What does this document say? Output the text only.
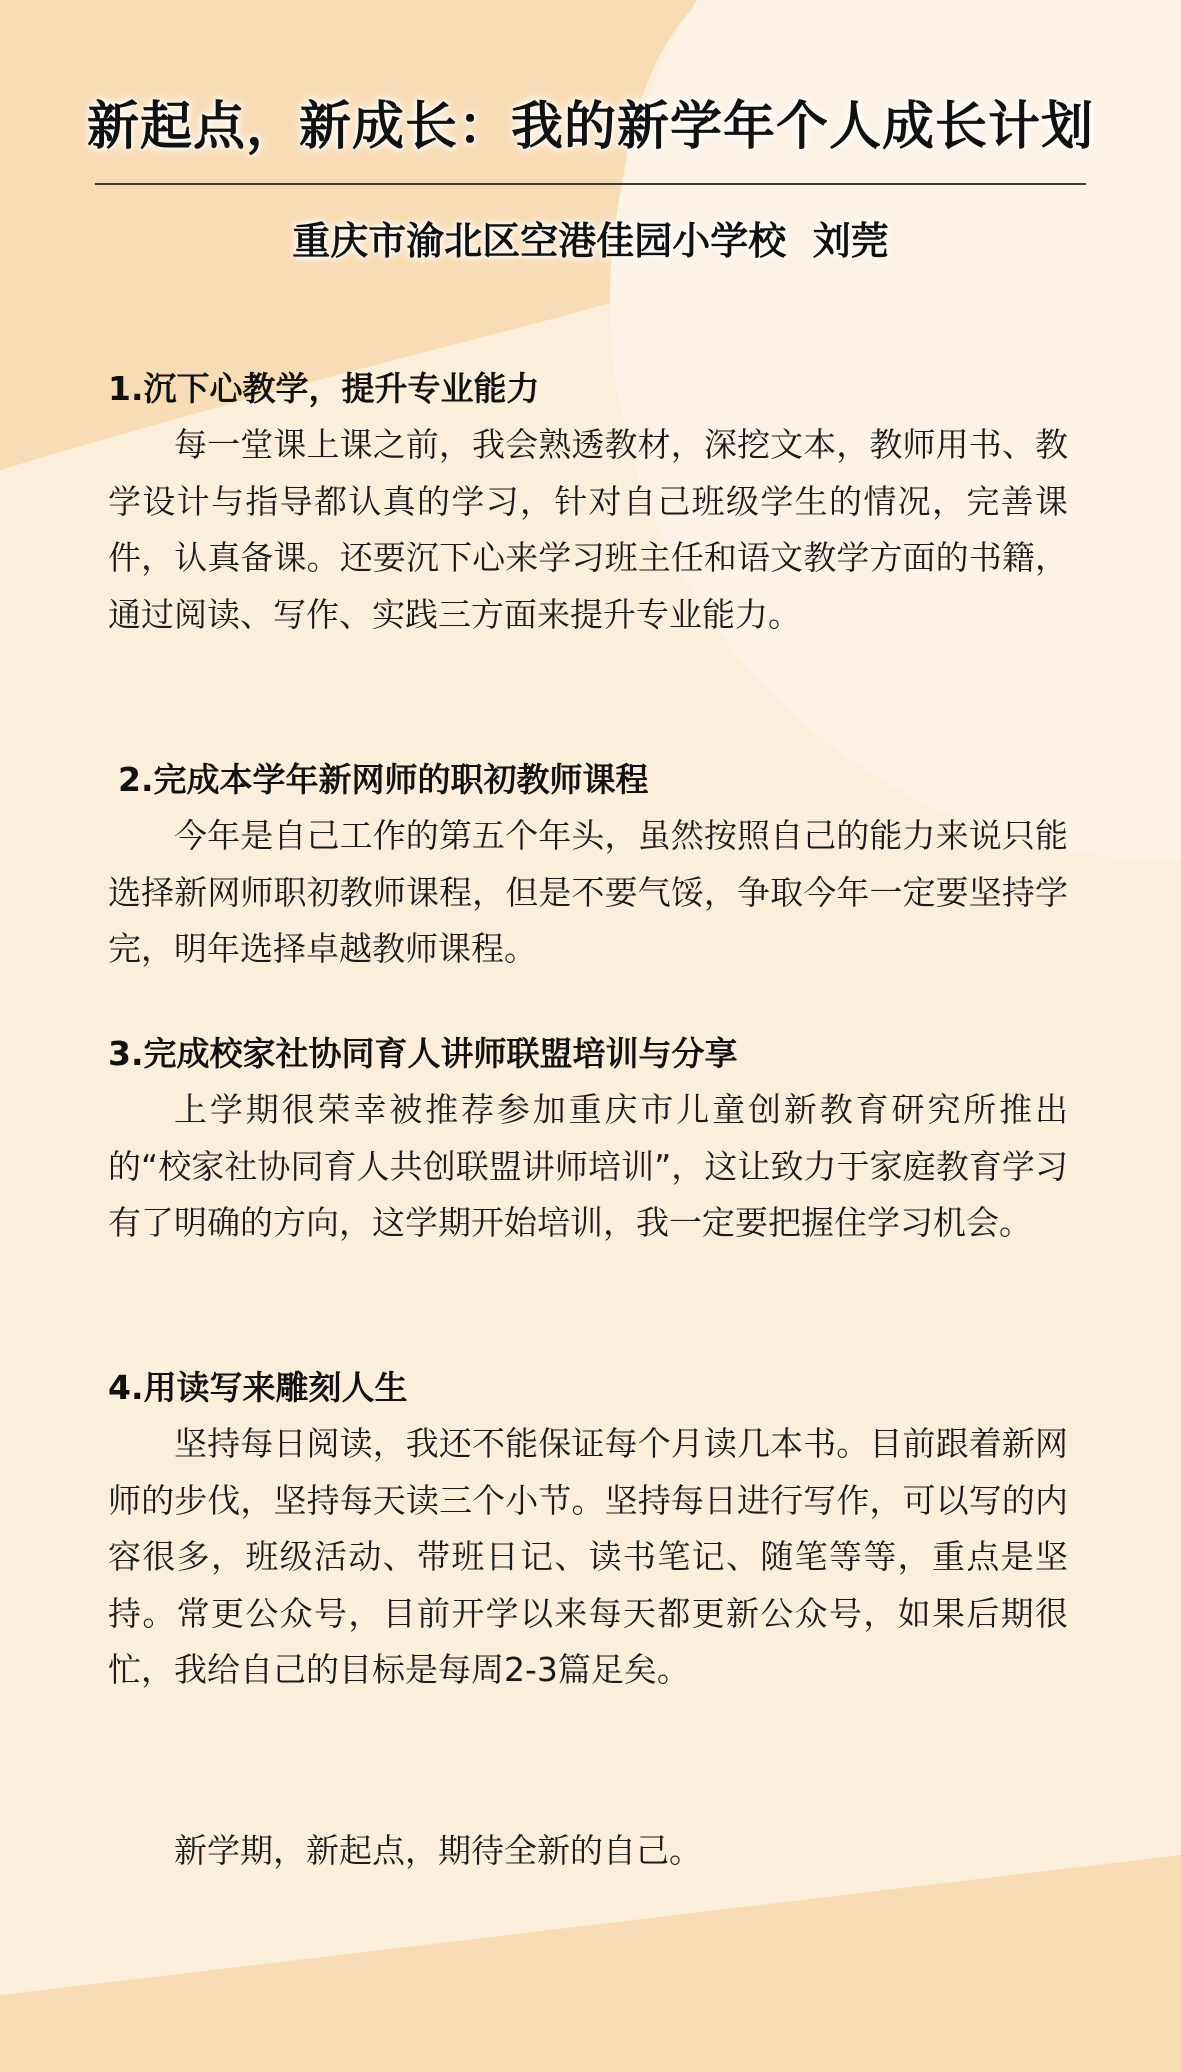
新起点，新成长：我的新学年个人成长计划
重庆市渝北区空港佳园小学校  刘莞
1.沉下心教学，提升专业能力

每一堂课上课之前，我会熟透教材，深挖文本，教师用书、教学设计与指导都认真的学习，针对自己班级学生的情况，完善课件，认真备课。还要沉下心来学习班主任和语文教学方面的书籍，通过阅读、写作、实践三方面来提升专业能力。

2.完成本学年新网师的职初教师课程

今年是自己工作的第五个年头，虽然按照自己的能力来说只能选择新网师职初教师课程，但是不要气馁，争取今年一定要坚持学完，明年选择卓越教师课程。

3.完成校家社协同育人讲师联盟培训与分享

上学期很荣幸被推荐参加重庆市儿童创新教育研究所推出的“校家社协同育人共创联盟讲师培训”，这让致力于家庭教育学习有了明确的方向，这学期开始培训，我一定要把握住学习机会。

4.用读写来雕刻人生

坚持每日阅读，我还不能保证每个月读几本书。目前跟着新网师的步伐，坚持每天读三个小节。坚持每日进行写作，可以写的内容很多，班级活动、带班日记、读书笔记、随笔等等，重点是坚持。常更公众号，目前开学以来每天都更新公众号，如果后期很忙，我给自己的目标是每周2-3篇足矣。

新学期，新起点，期待全新的自己。
